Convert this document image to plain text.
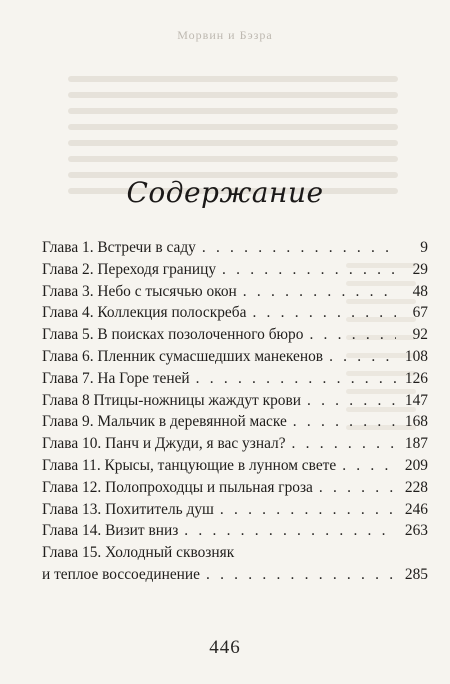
Морвин и Бэзра
Содержание
Глава 1. Встречи в саду . . .	9
Глава 2. Переходя границу . . .	29
Глава 3. Небо с тысячью окон . . .	48
Глава 4. Коллекция полоскреба . . .	67
Глава 5. В поисках позолоченного бюро . . .	92
Глава 6. Пленник сумасшедших манекенов . . .	108
Глава 7. На Горе теней . . .	126
Глава 8 Птицы-ножницы жаждут крови . . .	147
Глава 9. Мальчик в деревянной маске . . .	168
Глава 10. Панч и Джуди, я вас узнал? . . .	187
Глава 11. Крысы, танцующие в лунном свете . . .	209
Глава 12. Полопроходцы и пыльная гроза . . .	228
Глава 13. Похититель душ . . .	246
Глава 14. Визит вниз . . .	263
Глава 15. Холодный сквозняк
и теплое воссоединение . . .	285
446
